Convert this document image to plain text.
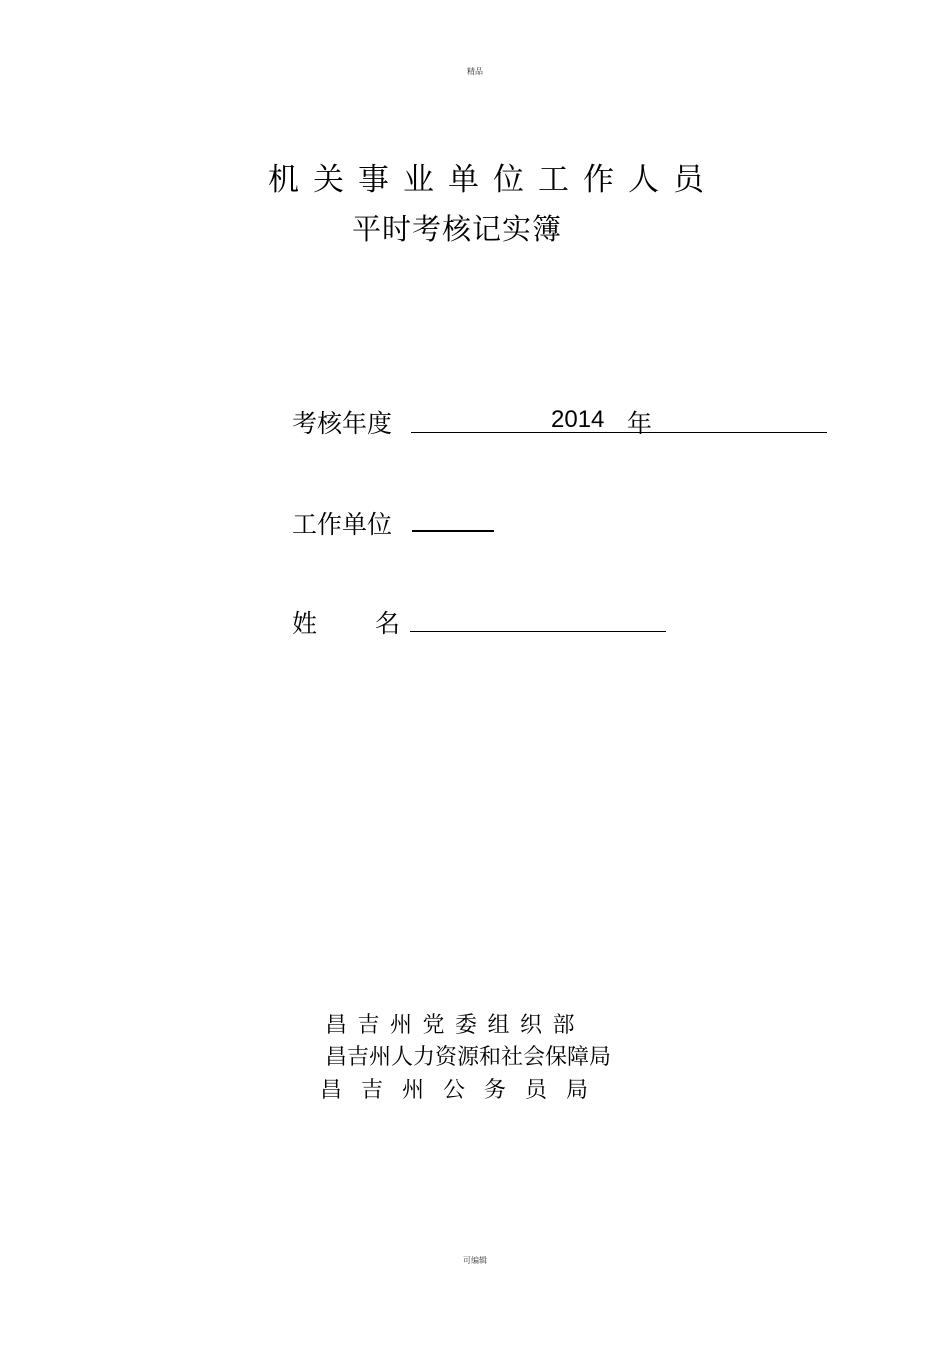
精品
机关事业单位工作人员
平时考核记实簿
考核年度	2014 年
工作单位
姓 名
昌吉州党委组织部
昌吉州人力资源和社会保障局
昌吉州公务员局
可编辑
